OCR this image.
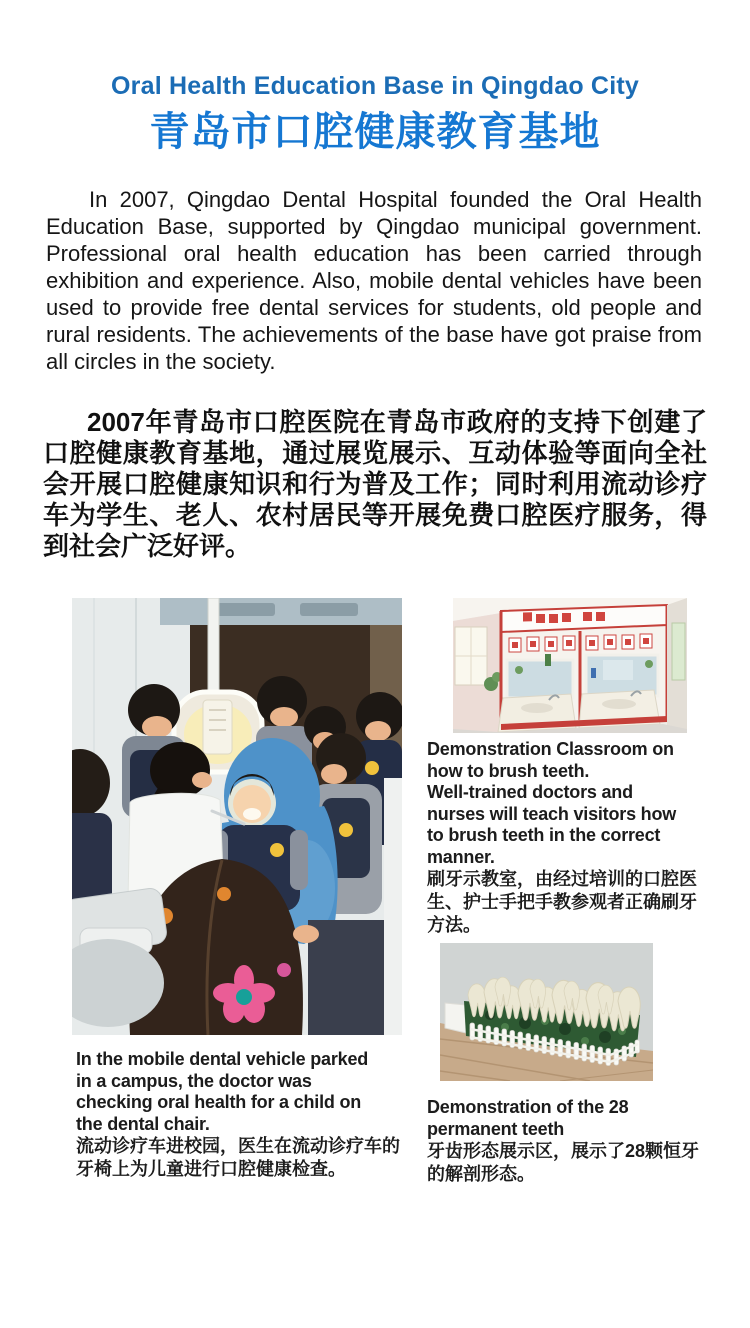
Oral Health Education Base in Qingdao City
青岛市口腔健康教育基地

In 2007, Qingdao Dental Hospital founded the Oral Health Education Base, supported by Qingdao municipal government. Professional oral health education has been carried through exhibition and experience. Also, mobile dental vehicles have been used to provide free dental services for students, old people and rural residents. The achievements of the base have got praise from all circles in the society.

2007年青岛市口腔医院在青岛市政府的支持下创建了口腔健康教育基地，通过展览展示、互动体验等面向全社会开展口腔健康知识和行为普及工作；同时利用流动诊疗车为学生、老人、农村居民等开展免费口腔医疗服务，得到社会广泛好评。

Demonstration Classroom on
how to brush teeth.
Well-trained doctors and
nurses will teach visitors how
to brush teeth in the correct
manner.
刷牙示教室，由经过培训的口腔医
生、护士手把手教参观者正确刷牙
方法。
Demonstration of the 28
permanent teeth
牙齿形态展示区，展示了28颗恒牙
的解剖形态。
In the mobile dental vehicle parked
in a campus, the doctor was
checking oral health for a child on
the dental chair.
流动诊疗车进校园，医生在流动诊疗车的
牙椅上为儿童进行口腔健康检查。
